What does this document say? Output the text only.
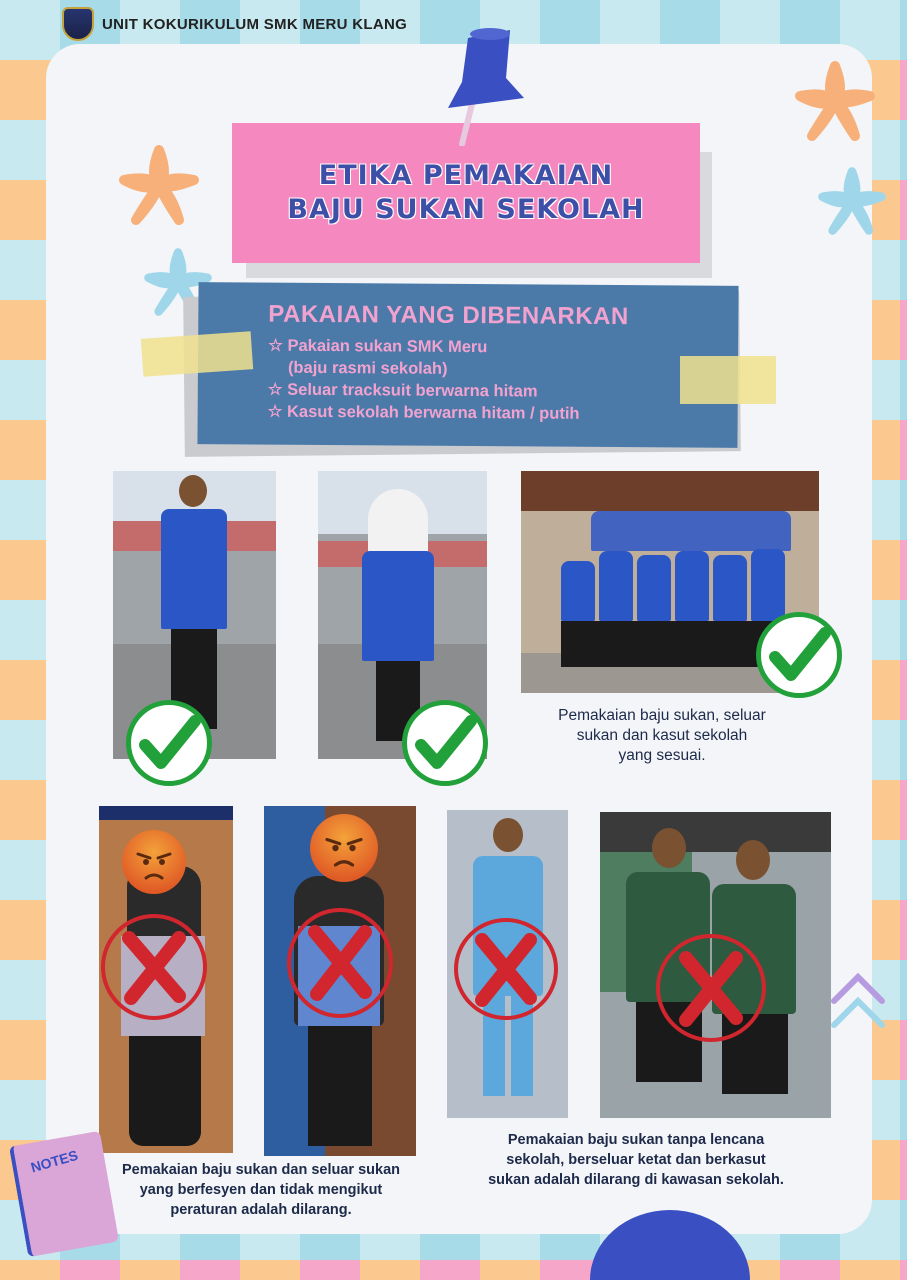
UNIT KOKURIKULUM SMK MERU KLANG
ETIKA PEMAKAIAN
BAJU SUKAN SEKOLAH
PAKAIAN YANG DIBENARKAN
☆ Pakaian sukan SMK Meru
(baju rasmi sekolah)
☆ Seluar tracksuit berwarna hitam
☆ Kasut sekolah berwarna hitam / putih
Pemakaian baju sukan, seluar
sukan dan kasut sekolah
yang sesuai.
Pemakaian baju sukan dan seluar sukan
yang berfesyen dan tidak mengikut
peraturan adalah dilarang.
Pemakaian baju sukan tanpa lencana
sekolah, berseluar ketat dan berkasut
sukan adalah dilarang di kawasan sekolah.
NOTES
